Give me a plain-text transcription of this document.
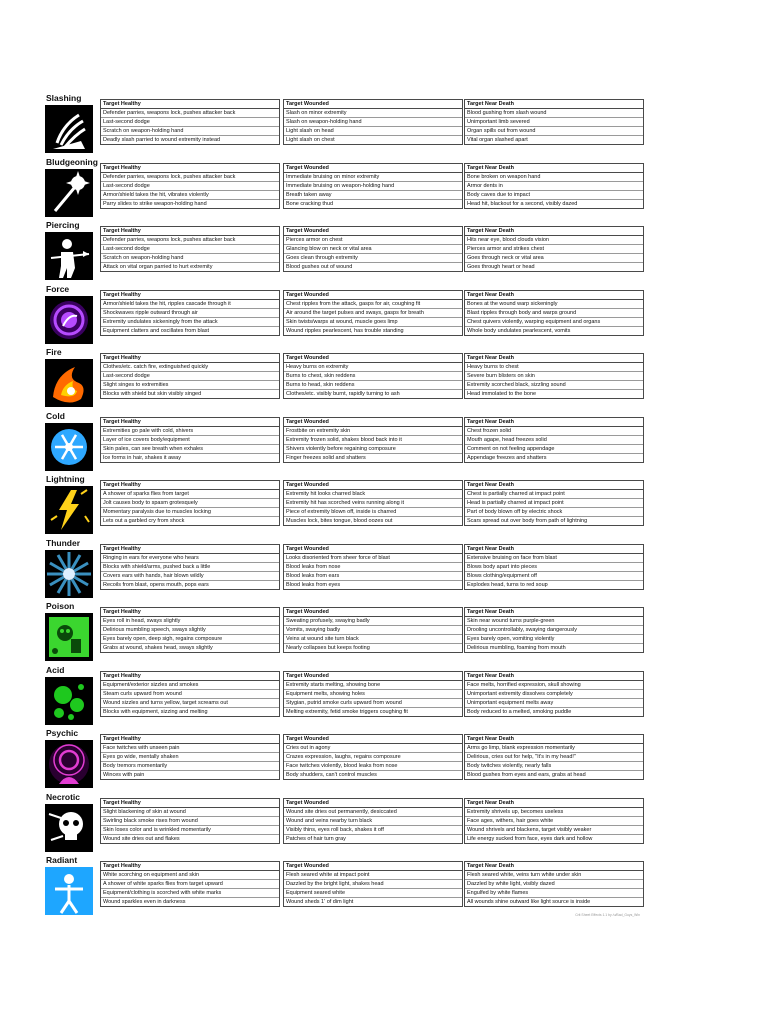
Slashing
Target Healthy
Defender parries, weapons lock, pushes attacker back
Last-second dodge
Scratch on weapon-holding hand
Deadly slash parried to wound extremity instead
Target Wounded
Slash on minor extremity
Slash on weapon-holding hand
Light slash on head
Light slash on chest
Target Near Death
Blood gushing from slash wound
Unimportant limb severed
Organ spills out from wound
Vital organ slashed apart
Bludgeoning
Target Healthy
Defender parries, weapons lock, pushes attacker back
Last-second dodge
Armor/shield takes the hit, vibrates violently
Parry slides to strike weapon-holding hand
Target Wounded
Immediate bruising on minor extremity
Immediate bruising on weapon-holding hand
Breath taken away
Bone cracking thud
Target Near Death
Bone broken on weapon hand
Armor dents in
Body caves due to impact
Head hit, blackout for a second, visibly dazed
Piercing
Target Healthy
Defender parries, weapons lock, pushes attacker back
Last-second dodge
Scratch on weapon-holding hand
Attack on vital organ parried to hurt extremity
Target Wounded
Pierces armor on chest
Glancing blow on neck or vital area
Goes clean through extremity
Blood gushes out of wound
Target Near Death
Hits near eye, blood clouds vision
Pierces armor and strikes chest
Goes through neck or vital area
Goes through heart or head
Force
Target Healthy
Armor/shield takes the hit, ripples cascade through it
Shockwaves ripple outward through air
Extremity undulates sickeningly from the attack
Equipment clatters and oscillates from blast
Target Wounded
Chest ripples from the attack, gasps for air, coughing fit
Air around the target pulses and sways, gasps for breath
Skin twists/warps at wound, muscle goes limp
Wound ripples pearlescent, has trouble standing
Target Near Death
Bones at the wound warp sickeningly
Blast ripples through body and warps ground
Chest quivers violently, warping equipment and organs
Whole body undulates pearlescent, vomits
Fire
Target Healthy
Clothes/etc. catch fire, extinguished quickly
Last-second dodge
Slight singes to extremities
Blocks with shield but skin visibly singed
Target Wounded
Heavy burns on extremity
Burns to chest, skin reddens
Burns to head, skin reddens
Clothes/etc. visibly burnt, rapidly turning to ash
Target Near Death
Heavy burns to chest
Severe burn blisters on skin
Extremity scorched black, sizzling sound
Head immolated to the bone
Cold
Target Healthy
Extremities go pale with cold, shivers
Layer of ice covers body/equipment
Skin pales, can see breath when exhales
Ice forms in hair, shakes it away
Target Wounded
Frostbite on extremity skin
Extremity frozen solid, shakes blood back into it
Shivers violently before regaining composure
Finger freezes solid and shatters
Target Near Death
Chest frozen solid
Mouth agape, head freezes solid
Comment on not feeling appendage
Appendage freezes and shatters
Lightning
Target Healthy
A shower of sparks flies from target
Jolt causes body to spasm grotesquely
Momentary paralysis due to muscles locking
Lets out a garbled cry from shock
Target Wounded
Extremity hit looks charred black
Extremity hit has scorched veins running along it
Piece of extremity blown off, inside is charred
Muscles lock, bites tongue, blood oozes out
Target Near Death
Chest is partially charred at impact point
Head is partially charred at impact point
Part of body blown off by electric shock
Scars spread out over body from path of lightning
Thunder
Target Healthy
Ringing in ears for everyone who hears
Blocks with shield/arms, pushed back a little
Covers ears with hands, hair blown wildly
Recoils from blast, opens mouth, pops ears
Target Wounded
Looks disoriented from sheer force of blast
Blood leaks from nose
Blood leaks from ears
Blood leaks from eyes
Target Near Death
Extensive bruising on face from blast
Blows body apart into pieces
Blows clothing/equipment off
Explodes head, turns to red soup
Poison
Target Healthy
Eyes roll in head, sways slightly
Delirious mumbling speech, sways slightly
Eyes barely open, deep sigh, regains composure
Grabs at wound, shakes head, sways slightly
Target Wounded
Sweating profusely, swaying badly
Vomits, swaying badly
Veins at wound site turn black
Nearly collapses but keeps footing
Target Near Death
Skin near wound turns purple-green
Drooling uncontrollably, swaying dangerously
Eyes barely open, vomiting violently
Delirious mumbling, foaming from mouth
Acid
Target Healthy
Equipment/exterior sizzles and smokes
Steam curls upward from wound
Wound sizzles and turns yellow, target screams out
Blocks with equipment, sizzing and melting
Target Wounded
Extremity starts melting, showing bone
Equipment melts, showing holes
Stygian, putrid smoke curls upward from wound
Melting extremity, fetid smoke triggers coughing fit
Target Near Death
Face melts, horrified expression, skull showing
Unimportant extremity dissolves completely
Unimportant equipment melts away
Body reduced to a melted, smoking puddle
Psychic
Target Healthy
Face twitches with unseen pain
Eyes go wide, mentally shaken
Body tremors momentarily
Winces with pain
Target Wounded
Cries out in agony
Crazes expression, laughs, regains composure
Face twitches violently, blood leaks from nose
Body shudders, can't control muscles
Target Near Death
Arms go limp, blank expression momentarily
Delirious, cries out for help, "It's in my head!"
Body twitches violently, nearly falls
Blood gushes from eyes and ears, grabs at head
Necrotic
Target Healthy
Slight blackening of skin at wound
Swirling black smoke rises from wound
Skin loses color and is wrinkled momentarily
Wound site dries out and flakes
Target Wounded
Wound site dries out permanently, desiccated
Wound and veins nearby turn black
Visibly thins, eyes roll back, shakes it off
Patches of hair turn gray
Target Near Death
Extremity shrivels up, becomes useless
Face ages, withers, hair goes white
Wound shrivels and blackens, target visibly weaker
Life energy sucked from face, eyes dark and hollow
Radiant
Target Healthy
White scorching on equipment and skin
A shower of white sparks flies from target upward
Equipment/clothing is scorched with white marks
Wound sparkles even in darkness
Target Wounded
Flesh seared white at impact point
Dazzled by the bright light, shakes head
Equipment seared white
Wound sheds 1' of dim light
Target Near Death
Flesh seared white, veins turn white under skin
Dazzled by white light, visibly dazed
Engulfed by white flames
All wounds shine outward like light source is inside
Crit Sheet Effects 1.1 by /u/Bad_Guys_Win
